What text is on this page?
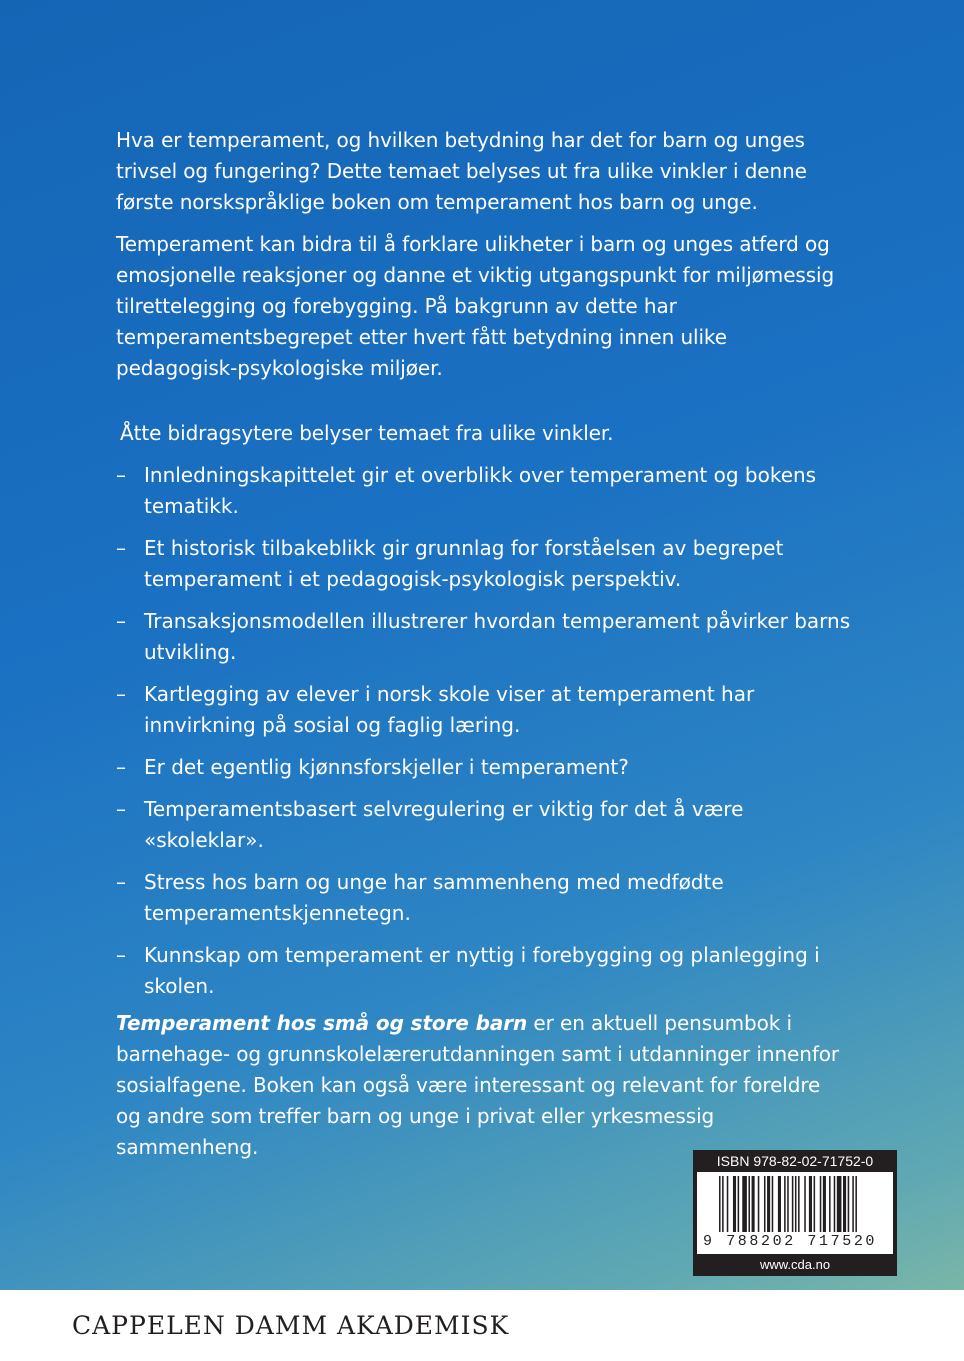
Hva er temperament, og hvilken betydning har det for barn og unges trivsel og fungering? Dette temaet belyses ut fra ulike vinkler i denne første norskspråklige boken om temperament hos barn og unge.

Temperament kan bidra til å forklare ulikheter i barn og unges atferd og emosjonelle reaksjoner og danne et viktig utgangspunkt for miljømessig tilrettelegging og forebygging. På bakgrunn av dette har temperamentsbegrepet etter hvert fått betydning innen ulike pedagogisk-psykologiske miljøer.

Åtte bidragsytere belyser temaet fra ulike vinkler.

– Innledningskapittelet gir et overblikk over temperament og bokens tematikk.
– Et historisk tilbakeblikk gir grunnlag for forståelsen av begrepet temperament i et pedagogisk-psykologisk perspektiv.
– Transaksjonsmodellen illustrerer hvordan temperament påvirker barns utvikling.
– Kartlegging av elever i norsk skole viser at temperament har innvirkning på sosial og faglig læring.
– Er det egentlig kjønnsforskjeller i temperament?
– Temperamentsbasert selvregulering er viktig for det å være «skoleklar».
– Stress hos barn og unge har sammenheng med medfødte temperamentskjennetegn.
– Kunnskap om temperament er nyttig i forebygging og planlegging i skolen.

Temperament hos små og store barn er en aktuell pensumbok i barnehage- og grunnskolelærerutdanningen samt i utdanninger innenfor sosialfagene. Boken kan også være interessant og relevant for foreldre og andre som treffer barn og unge i privat eller yrkesmessig sammenheng.

ISBN 978-82-02-71752-0
9 788202 717520
www.cda.no
CAPPELEN DAMM AKADEMISK
